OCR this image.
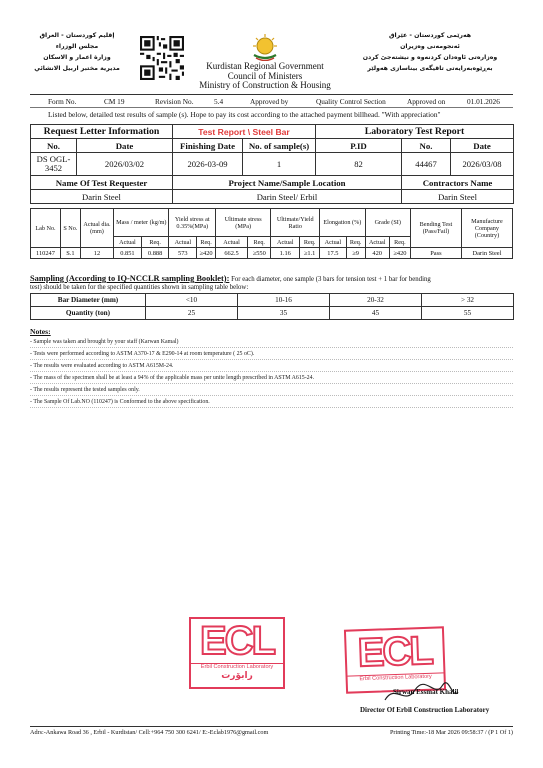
إقليم كوردستان - العراق
مجلس الوزراء
وزارة اعمار و الاسكان
مديرية مختبر اربيل الانشائي	Kurdistan Regional Government
Council of Ministers
Ministry of Construction & Housing
هەرێمی کوردستان - عێراق
ئەنجومەنی وەزیران
وەزارەتی ئاوەدان کردنەوە و نیشتەجێ کردن
بەڕێوەبەرایەتی تاقیگەی بیناسازی هەولێر
Form No.	CM 19	Revision No.	5.4	Approved by	Quality Control Section	Approved on	01.01.2026
Listed below, detailed test results of sample (s). Hope to pay its cost according to the attached payment billhead. "With appreciation"
Request Letter Information		Test Report \ Steel Bar		Laboratory Test Report		
No.	Date	Finishing Date	No. of sample(s)	P.ID	No.	Date
DS OGL-3452	2026/03/02	2026-03-09	1	82	44467	2026/03/08
Name Of Test Requester		Project Name/Sample Location			Contractors Name	
Darin Steel		Darin Steel/ Erbil			Darin Steel	
Lab No.	S No.	Actual dia.(mm)	Mass / meter (kg/m)		Yield stress at 0.35%(MPa)		Ultimate stress (MPa)		Ultimate/Yield Ratio		Elongation (%)		Grade (SI)		Bending Test (Pass/Fail)	Manufacture Company (Country)
			Actual	Req.	Actual	Req.	Actual	Req.	Actual	Req.	Actual	Req.	Actual	Req.		
110247	S.1	12	0.851	0.888	573	≥420	662.5	≥550	1.16	≥1.1	17.5	≥9	420	≥420	Pass	Darin Steel
Sampling (According to IQ-NCCLR sampling Booklet): For each diameter, one sample (3 bars for tension test + 1 bar for bending
test) should be taken for the specified quantities shown in sampling table below:
Bar Diameter (mm)	<10	10-16	20-32	> 32
Quantity (ton)	25	35	45	55
Notes:
- Sample was taken and brought by your staff (Karwan Kamal)
- Tests were performed according to ASTM A370-17 & E290-14 at room temperature ( 25 oC).
- The results were evaluated according to ASTM A615M-24.
- The mass of the specimen shall be at least a 94% of the applicable mass per unite length prescribed in ASTM A615-24.
- The results represent the tested samples only.
- The Sample Of Lab.NO (110247) is Conformed to the above specification.
ECL
Erbil Construction Laboratory
رابۆرت
ECL
Erbil Construction Laboratory
Sirwan Essmat Khalil
Director Of Erbil Construction Laboratory
Adrs:-Ankawa Road 36 , Erbil - Kurdistan/ Cell:+964 750 300 6241/ E:-Eclab1976@gmail.com	Printing Time:-18 Mar 2026 09:58:37 / (P 1 Of 1)
